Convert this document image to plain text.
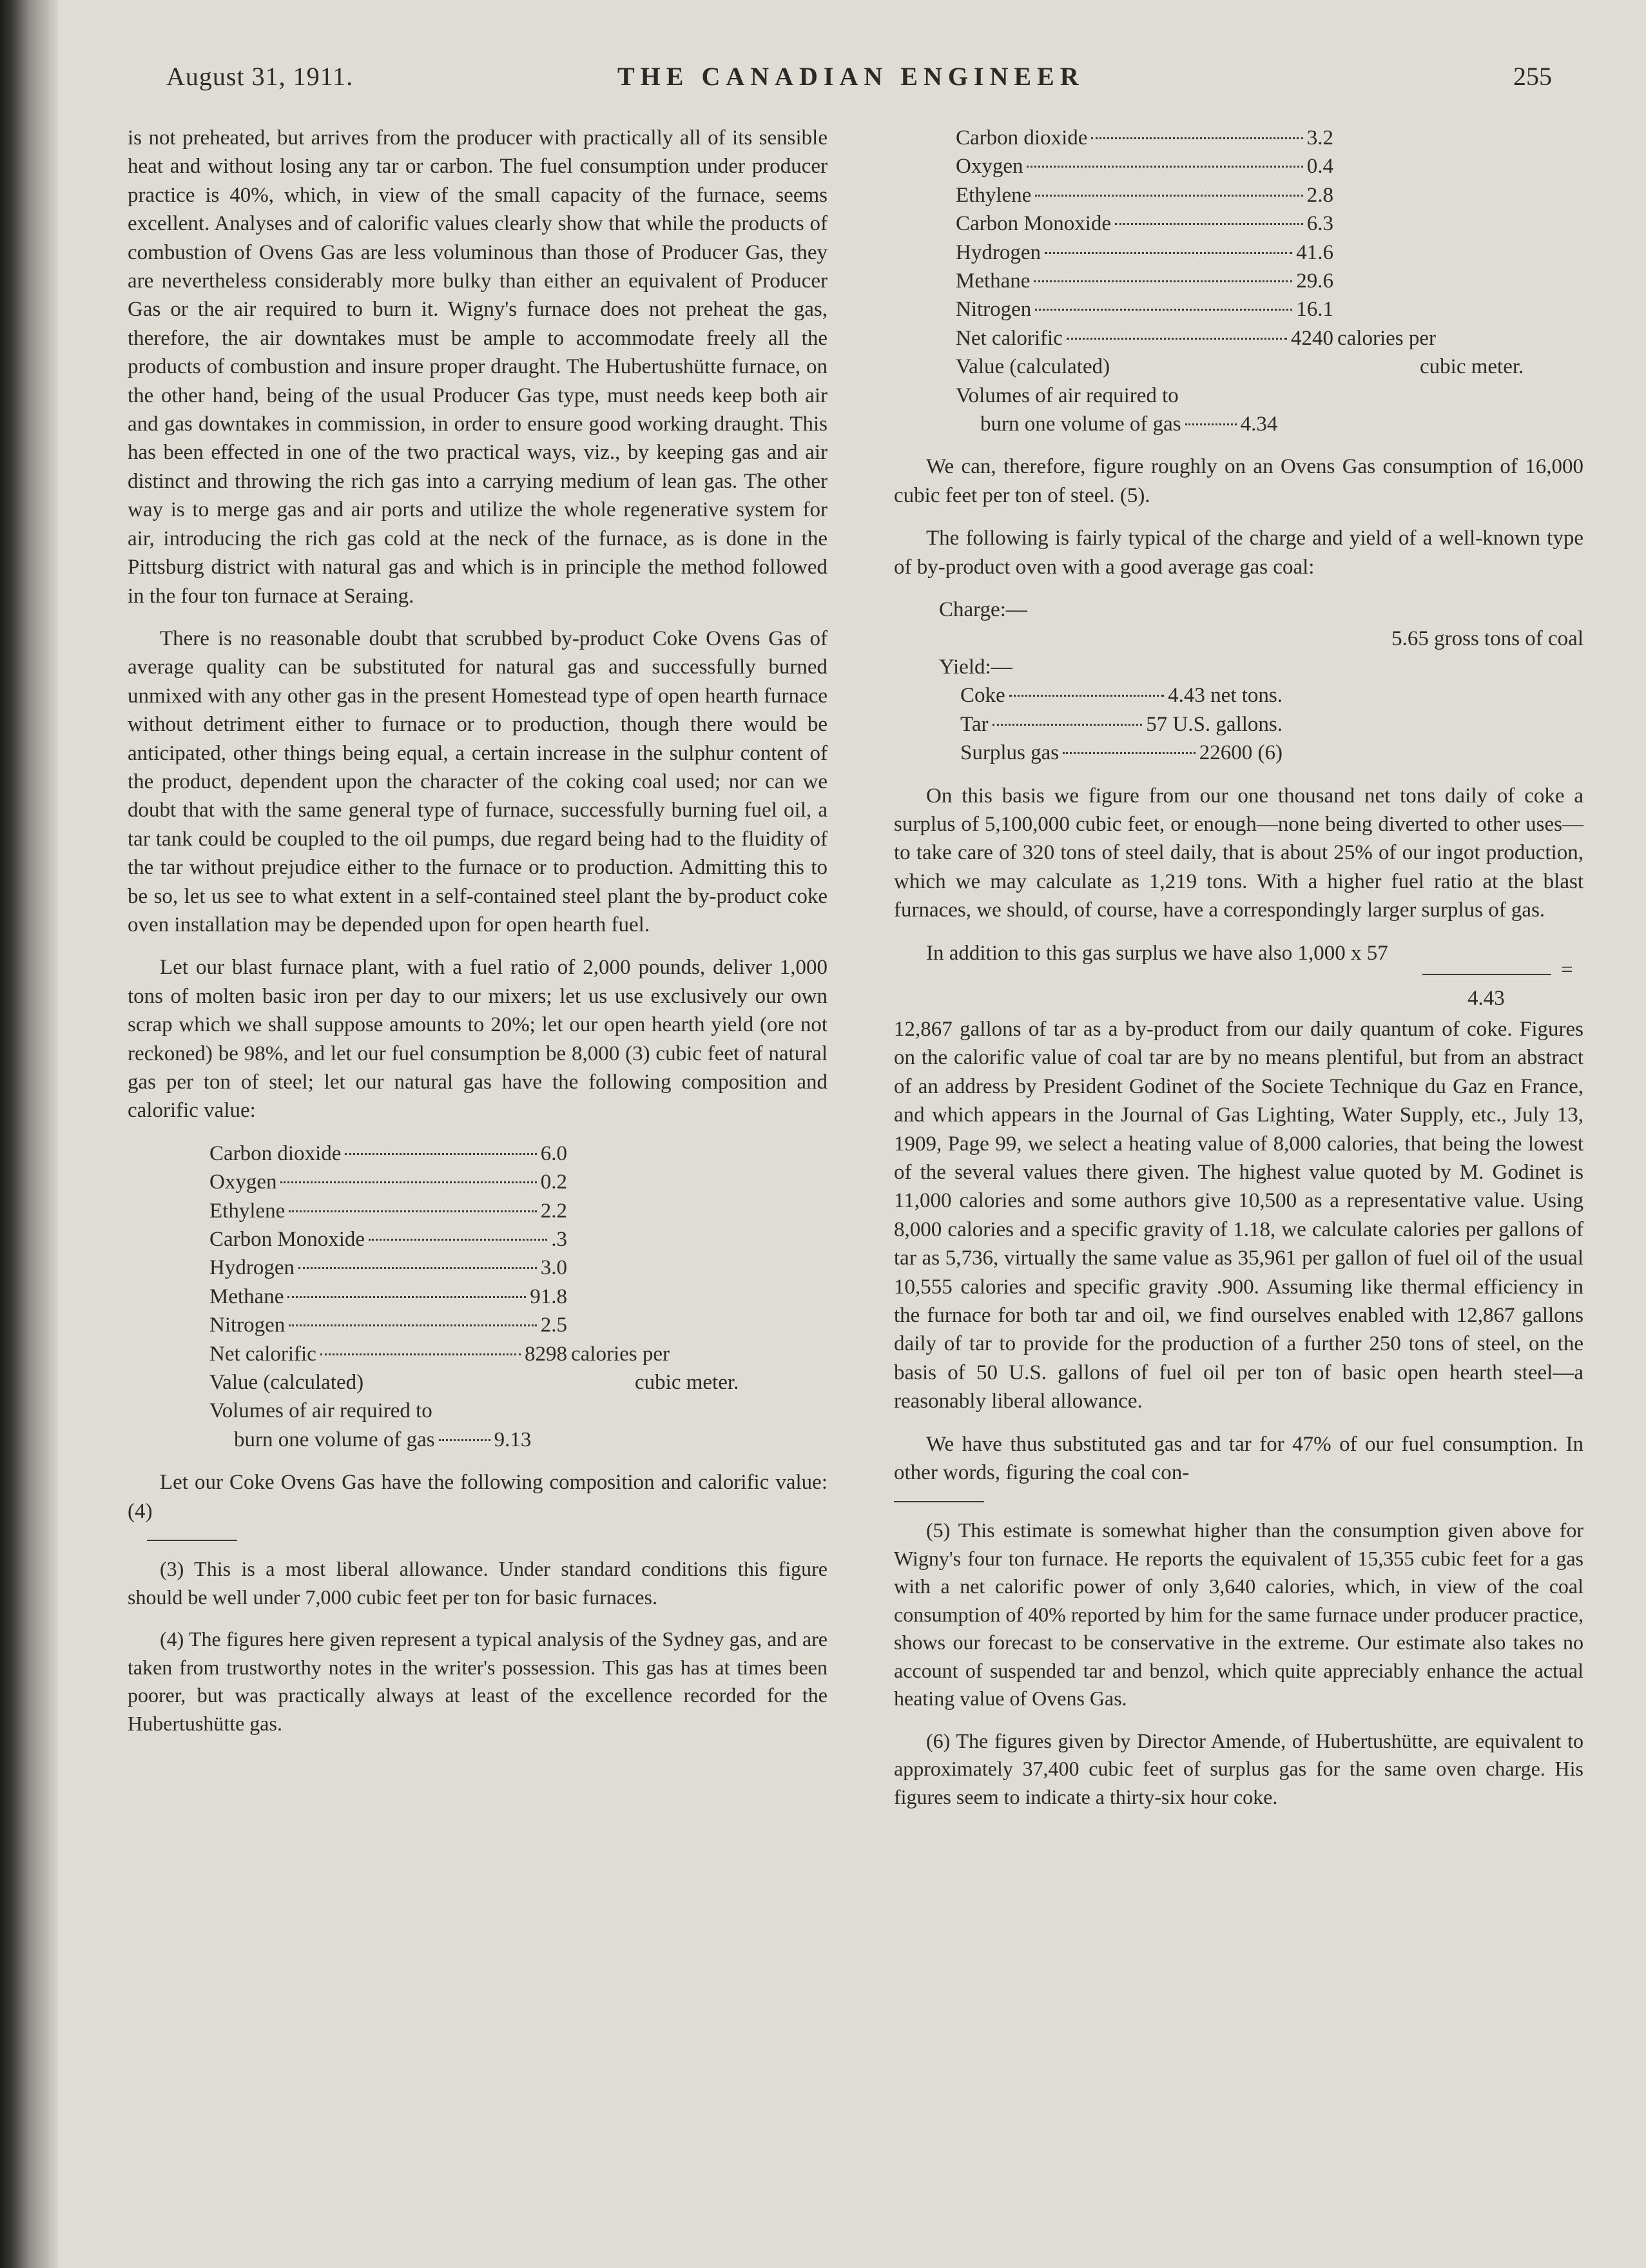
August 31, 1911.	THE CANADIAN ENGINEER	255

is not preheated, but arrives from the producer with practically all of its sensible heat and without losing any tar or carbon. The fuel consumption under producer practice is 40%, which, in view of the small capacity of the furnace, seems excellent. Analyses and of calorific values clearly show that while the products of combustion of Ovens Gas are less voluminous than those of Producer Gas, they are nevertheless considerably more bulky than either an equivalent of Producer Gas or the air required to burn it. Wigny's furnace does not preheat the gas, therefore, the air downtakes must be ample to accommodate freely all the products of combustion and insure proper draught. The Hubertushütte furnace, on the other hand, being of the usual Producer Gas type, must needs keep both air and gas downtakes in commission, in order to ensure good working draught. This has been effected in one of the two practical ways, viz., by keeping gas and air distinct and throwing the rich gas into a carrying medium of lean gas. The other way is to merge gas and air ports and utilize the whole regenerative system for air, introducing the rich gas cold at the neck of the furnace, as is done in the Pittsburg district with natural gas and which is in principle the method followed in the four ton furnace at Seraing.

There is no reasonable doubt that scrubbed by-product Coke Ovens Gas of average quality can be substituted for natural gas and successfully burned unmixed with any other gas in the present Homestead type of open hearth furnace without detriment either to furnace or to production, though there would be anticipated, other things being equal, a certain increase in the sulphur content of the product, dependent upon the character of the coking coal used; nor can we doubt that with the same general type of furnace, successfully burning fuel oil, a tar tank could be coupled to the oil pumps, due regard being had to the fluidity of the tar without prejudice either to the furnace or to production. Admitting this to be so, let us see to what extent in a self-contained steel plant the by-product coke oven installation may be depended upon for open hearth fuel.

Let our blast furnace plant, with a fuel ratio of 2,000 pounds, deliver 1,000 tons of molten basic iron per day to our mixers; let us use exclusively our own scrap which we shall suppose amounts to 20%; let our open hearth yield (ore not reckoned) be 98%, and let our fuel consumption be 8,000 (3) cubic feet of natural gas per ton of steel; let our natural gas have the following composition and calorific value:

Carbon dioxide	6.0
Oxygen	0.2
Ethylene	2.2
Carbon Monoxide	.3
Hydrogen	3.0
Methane	91.8
Nitrogen	2.5
Net calorific	8298 calories per
Value (calculated)	cubic meter.
Volumes of air required to
burn one volume of gas	9.13

Let our Coke Ovens Gas have the following composition and calorific value: (4)

(3) This is a most liberal allowance. Under standard conditions this figure should be well under 7,000 cubic feet per ton for basic furnaces.

(4) The figures here given represent a typical analysis of the Sydney gas, and are taken from trustworthy notes in the writer's possession. This gas has at times been poorer, but was practically always at least of the excellence recorded for the Hubertushütte gas.

Carbon dioxide	3.2
Oxygen	0.4
Ethylene	2.8
Carbon Monoxide	6.3
Hydrogen	41.6
Methane	29.6
Nitrogen	16.1
Net calorific	4240 calories per
Value (calculated)	cubic meter.
Volumes of air required to
burn one volume of gas	4.34

We can, therefore, figure roughly on an Ovens Gas consumption of 16,000 cubic feet per ton of steel. (5).

The following is fairly typical of the charge and yield of a well-known type of by-product oven with a good average gas coal:

Charge:—
5.65 gross tons of coal
Yield:—
Coke	4.43 net tons.
Tar	57 U.S. gallons.
Surplus gas	22600 (6)

On this basis we figure from our one thousand net tons daily of coke a surplus of 5,100,000 cubic feet, or enough—none being diverted to other uses—to take care of 320 tons of steel daily, that is about 25% of our ingot production, which we may calculate as 1,219 tons. With a higher fuel ratio at the blast furnaces, we should, of course, have a correspondingly larger surplus of gas.

In addition to this gas surplus we have also 1,000 x 57

=
4.43

12,867 gallons of tar as a by-product from our daily quantum of coke. Figures on the calorific value of coal tar are by no means plentiful, but from an abstract of an address by President Godinet of the Societe Technique du Gaz en France, and which appears in the Journal of Gas Lighting, Water Supply, etc., July 13, 1909, Page 99, we select a heating value of 8,000 calories, that being the lowest of the several values there given. The highest value quoted by M. Godinet is 11,000 calories and some authors give 10,500 as a representative value. Using 8,000 calories and a specific gravity of 1.18, we calculate calories per gallons of tar as 5,736, virtually the same value as 35,961 per gallon of fuel oil of the usual 10,555 calories and specific gravity .900. Assuming like thermal efficiency in the furnace for both tar and oil, we find ourselves enabled with 12,867 gallons daily of tar to provide for the production of a further 250 tons of steel, on the basis of 50 U.S. gallons of fuel oil per ton of basic open hearth steel—a reasonably liberal allowance.

We have thus substituted gas and tar for 47% of our fuel consumption. In other words, figuring the coal con-

(5) This estimate is somewhat higher than the consumption given above for Wigny's four ton furnace. He reports the equivalent of 15,355 cubic feet for a gas with a net calorific power of only 3,640 calories, which, in view of the coal consumption of 40% reported by him for the same furnace under producer practice, shows our forecast to be conservative in the extreme. Our estimate also takes no account of suspended tar and benzol, which quite appreciably enhance the actual heating value of Ovens Gas.

(6) The figures given by Director Amende, of Hubertushütte, are equivalent to approximately 37,400 cubic feet of surplus gas for the same oven charge. His figures seem to indicate a thirty-six hour coke.
